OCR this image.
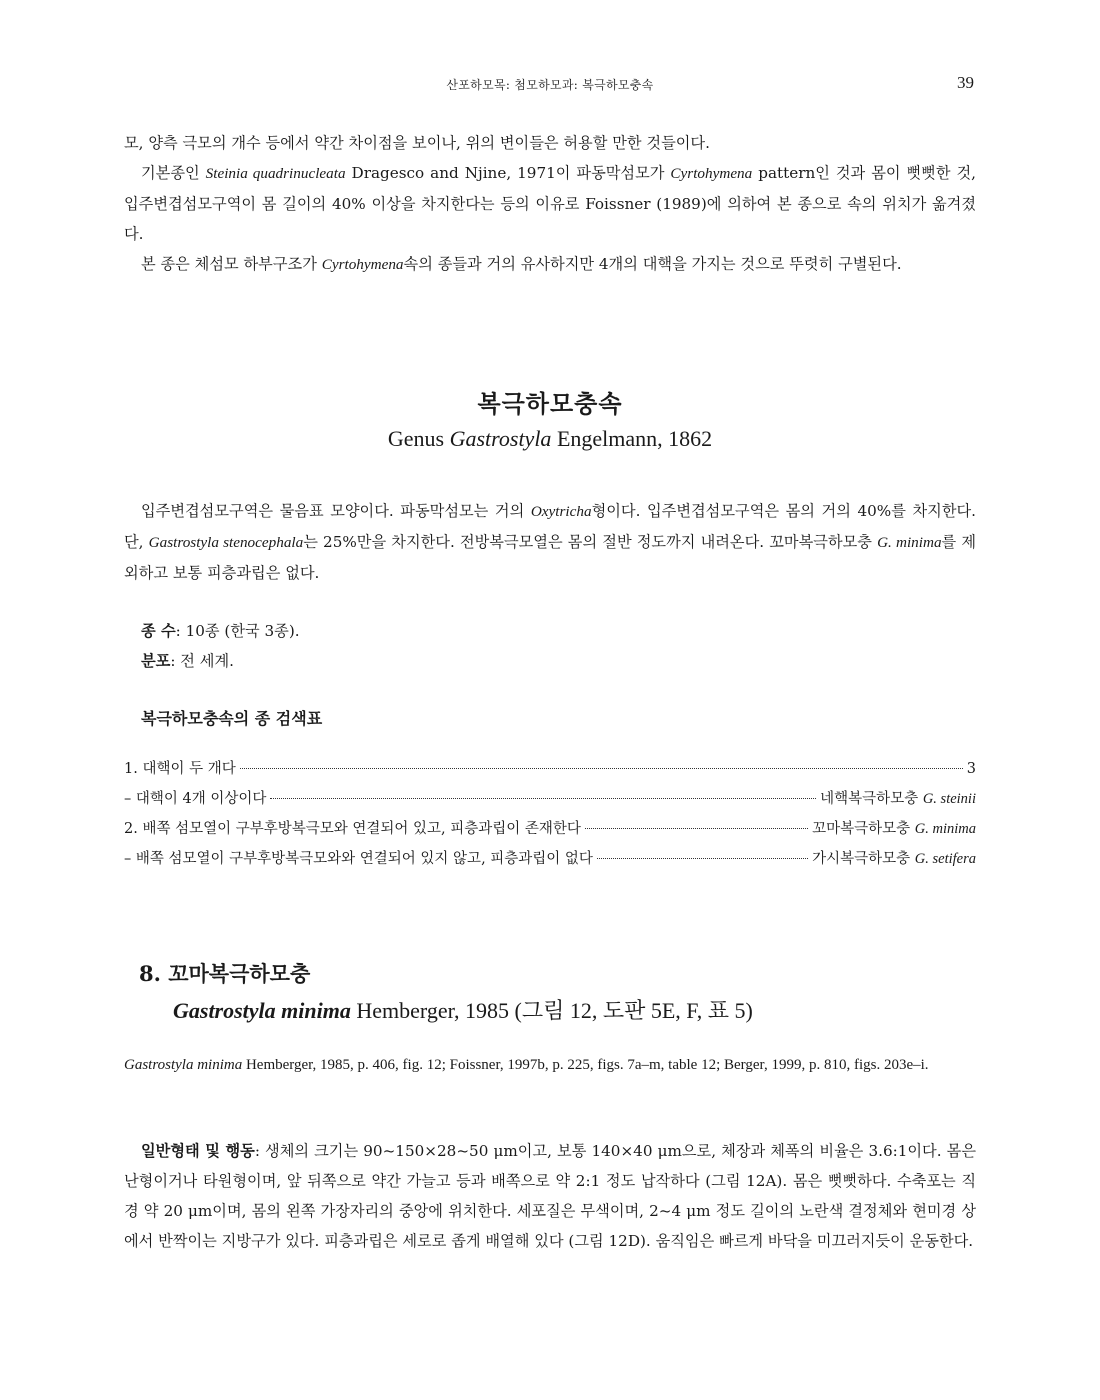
산포하모목: 첨모하모과: 복극하모충속	39

모, 양측 극모의 개수 등에서 약간 차이점을 보이나, 위의 변이들은 허용할 만한 것들이다.

기본종인 Steinia quadrinucleata Dragesco and Njine, 1971이 파동막섬모가 Cyrtohymena pattern인 것과 몸이 뻣뻣한 것, 입주변겹섬모구역이 몸 길이의 40% 이상을 차지한다는 등의 이유로 Foissner (1989)에 의하여 본 종으로 속의 위치가 옮겨졌다.

본 종은 체섬모 하부구조가 Cyrtohymena속의 종들과 거의 유사하지만 4개의 대핵을 가지는 것으로 뚜렷히 구별된다.

복극하모충속
Genus Gastrostyla Engelmann, 1862

입주변겹섬모구역은 물음표 모양이다. 파동막섬모는 거의 Oxytricha형이다. 입주변겹섬모구역은 몸의 거의 40%를 차지한다. 단, Gastrostyla stenocephala는 25%만을 차지한다. 전방복극모열은 몸의 절반 정도까지 내려온다. 꼬마복극하모충 G. minima를 제외하고 보통 피층과립은 없다.

종 수: 10종 (한국 3종).

분포: 전 세계.

복극하모충속의 종 검색표

1. 대핵이 두 개다	3
– 대핵이 4개 이상이다	네핵복극하모충 G. steinii
2. 배쪽 섬모열이 구부후방복극모와 연결되어 있고, 피층과립이 존재한다	꼬마복극하모충 G. minima
– 배쪽 섬모열이 구부후방복극모와와 연결되어 있지 않고, 피층과립이 없다	가시복극하모충 G. setifera

8. 꼬마복극하모충

Gastrostyla minima Hemberger, 1985 (그림 12, 도판 5E, F, 표 5)

Gastrostyla minima Hemberger, 1985, p. 406, fig. 12; Foissner, 1997b, p. 225, figs. 7a–m, table 12; Berger, 1999, p. 810, figs. 203e–i.

일반형태 및 행동: 생체의 크기는 90~150×28~50 μm이고, 보통 140×40 μm으로, 체장과 체폭의 비율은 3.6:1이다. 몸은 난형이거나 타원형이며, 앞 뒤쪽으로 약간 가늘고 등과 배쪽으로 약 2:1 정도 납작하다 (그림 12A). 몸은 뻣뻣하다. 수축포는 직경 약 20 μm이며, 몸의 왼쪽 가장자리의 중앙에 위치한다. 세포질은 무색이며, 2~4 μm 정도 길이의 노란색 결정체와 현미경 상에서 반짝이는 지방구가 있다. 피층과립은 세로로 좁게 배열해 있다 (그림 12D). 움직임은 빠르게 바닥을 미끄러지듯이 운동한다.
